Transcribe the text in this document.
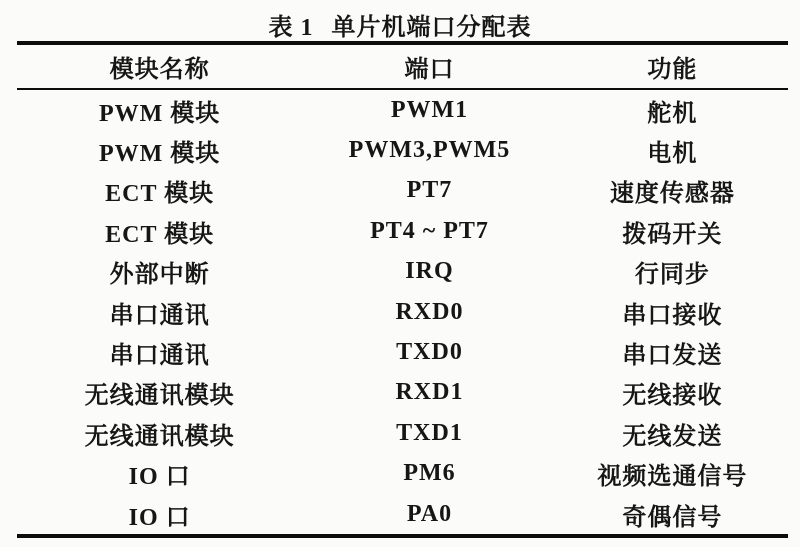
表 1 单片机端口分配表
模块名称	端口	功能
PWM 模块	PWM1	舵机
PWM 模块	PWM3,PWM5	电机
ECT 模块	PT7	速度传感器
ECT 模块	PT4 ~ PT7	拨码开关
外部中断	IRQ	行同步
串口通讯	RXD0	串口接收
串口通讯	TXD0	串口发送
无线通讯模块	RXD1	无线接收
无线通讯模块	TXD1	无线发送
IO 口	PM6	视频选通信号
IO 口	PA0	奇偶信号
